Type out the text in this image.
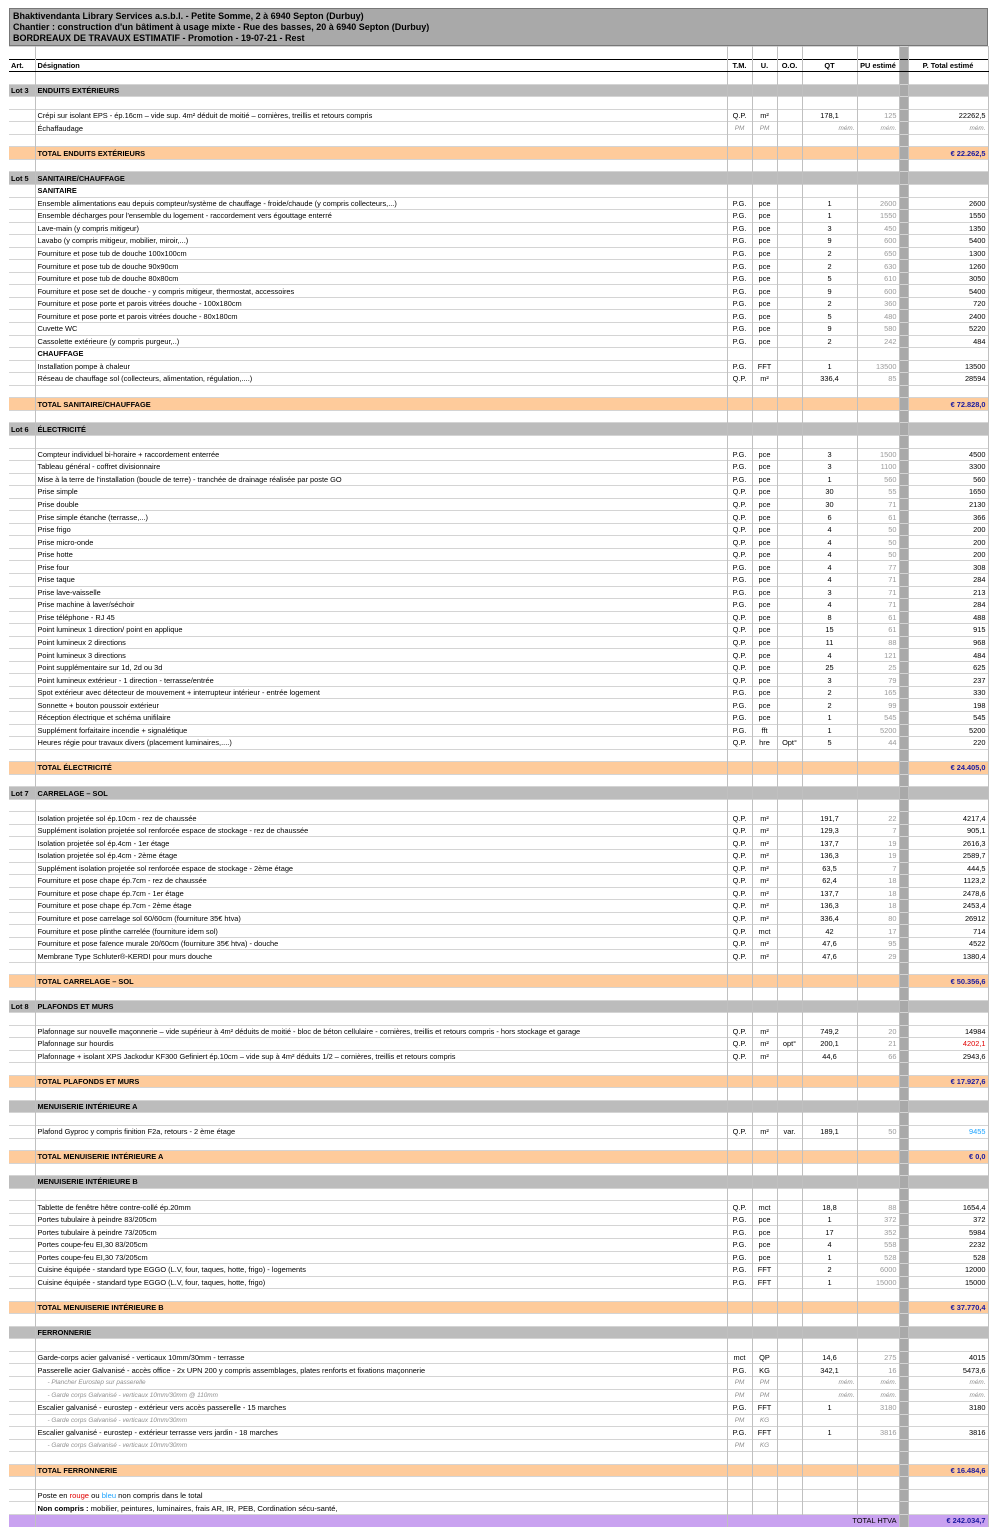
Bhaktivendanta Library Services a.s.b.l. - Petite Somme, 2 à 6940 Septon (Durbuy)
Chantier : construction d'un bâtiment à usage mixte - Rue des basses, 20 à 6940 Septon (Durbuy)
BORDREAUX DE TRAVAUX ESTIMATIF - Promotion - 19-07-21 - Rest

Art.	Désignation	T.M.	U.	O.O.	QT	PU estimé		P. Total estimé

Lot 3	ENDUITS EXTÉRIEURS							

	Crépi sur isolant EPS - ép.16cm – vide sup. 4m² déduit de moitié – cornières, treillis et retours compris	Q.P.	m²		178,1	125		22262,5
	Échaffaudage	PM	PM		mém.	mém.		mém.

	TOTAL ENDUITS EXTÉRIEURS							€ 22.262,5

Lot 5	SANITAIRE/CHAUFFAGE							
	SANITAIRE							
	Ensemble alimentations eau depuis compteur/système de chauffage - froide/chaude (y compris collecteurs,...)	P.G.	pce		1	2600		2600
	Ensemble décharges pour l'ensemble du logement - raccordement vers égouttage enterré	P.G.	pce		1	1550		1550
	Lave-main (y compris mitigeur)	P.G.	pce		3	450		1350
	Lavabo (y compris mitigeur, mobilier, miroir,...)	P.G.	pce		9	600		5400
	Fourniture et pose tub de douche 100x100cm	P.G.	pce		2	650		1300
	Fourniture et pose tub de douche 90x90cm	P.G.	pce		2	630		1260
	Fourniture et pose tub de douche 80x80cm	P.G.	pce		5	610		3050
	Fourniture et pose set de douche - y compris mitigeur, thermostat, accessoires	P.G.	pce		9	600		5400
	Fourniture et pose porte et parois vitrées douche - 100x180cm	P.G.	pce		2	360		720
	Fourniture et pose porte et parois vitrées douche - 80x180cm	P.G.	pce		5	480		2400
	Cuvette WC	P.G.	pce		9	580		5220
	Cassolette extérieure (y compris purgeur,..)	P.G.	pce		2	242		484
	CHAUFFAGE							
	Installation pompe à chaleur	P.G.	FFT		1	13500		13500
	Réseau de chauffage sol (collecteurs, alimentation, régulation,....)	Q.P.	m²		336,4	85		28594

	TOTAL SANITAIRE/CHAUFFAGE							€ 72.828,0

Lot 6	ÉLECTRICITÉ							

	Compteur individuel bi-horaire + raccordement enterrée	P.G.	pce		3	1500		4500
	Tableau général - coffret divisionnaire	P.G.	pce		3	1100		3300
	Mise à la terre de l'installation (boucle de terre) - tranchée de drainage réalisée par poste GO	P.G.	pce		1	560		560
	Prise simple	Q.P.	pce		30	55		1650
	Prise double	Q.P.	pce		30	71		2130
	Prise simple étanche (terrasse,...)	Q.P.	pce		6	61		366
	Prise frigo	Q.P.	pce		4	50		200
	Prise micro-onde	Q.P.	pce		4	50		200
	Prise hotte	Q.P.	pce		4	50		200
	Prise four	P.G.	pce		4	77		308
	Prise taque	P.G.	pce		4	71		284
	Prise lave-vaisselle	P.G.	pce		3	71		213
	Prise machine à laver/séchoir	P.G.	pce		4	71		284
	Prise téléphone - RJ 45	Q.P.	pce		8	61		488
	Point lumineux 1 direction/ point en applique	Q.P.	pce		15	61		915
	Point lumineux 2 directions	Q.P.	pce		11	88		968
	Point lumineux 3 directions	Q.P.	pce		4	121		484
	Point supplémentaire sur 1d, 2d ou 3d	Q.P.	pce		25	25		625
	Point lumineux extérieur - 1 direction - terrasse/entrée	Q.P.	pce		3	79		237
	Spot extérieur avec détecteur de mouvement + interrupteur intérieur - entrée logement	P.G.	pce		2	165		330
	Sonnette + bouton poussoir extérieur	P.G.	pce		2	99		198
	Réception électrique et schéma unifilaire	P.G.	pce		1	545		545
	Supplément forfaitaire incendie + signalétique	P.G.	fft		1	5200		5200
	Heures régie pour travaux divers (placement luminaires,....)	Q.P.	hre	Opt°	5	44		220

	TOTAL ÉLECTRICITÉ							€ 24.405,0

Lot 7	CARRELAGE – SOL							

	Isolation projetée sol ép.10cm - rez de chaussée	Q.P.	m²		191,7	22		4217,4
	Supplément isolation projetée sol renforcée espace de stockage - rez de chaussée	Q.P.	m²		129,3	7		905,1
	Isolation projetée sol ép.4cm - 1er étage	Q.P.	m²		137,7	19		2616,3
	Isolation projetée sol ép.4cm - 2ème étage	Q.P.	m²		136,3	19		2589,7
	Supplément isolation projetée sol renforcée espace de stockage - 2ème étage	Q.P.	m²		63,5	7		444,5
	Fourniture et pose chape ép.7cm - rez de chaussée	Q.P.	m²		62,4	18		1123,2
	Fourniture et pose chape ép.7cm - 1er étage	Q.P.	m²		137,7	18		2478,6
	Fourniture et pose chape ép.7cm - 2ème étage	Q.P.	m²		136,3	18		2453,4
	Fourniture et pose carrelage sol 60/60cm (fourniture 35€ htva)	Q.P.	m²		336,4	80		26912
	Fourniture et pose plinthe carrelée (fourniture idem sol)	Q.P.	mct		42	17		714
	Fourniture et pose faïence murale 20/60cm (fourniture 35€ htva) - douche	Q.P.	m²		47,6	95		4522
	Membrane Type Schluter®-KERDI pour murs douche	Q.P.	m²		47,6	29		1380,4

	TOTAL CARRELAGE – SOL							€ 50.356,6

Lot 8	PLAFONDS ET MURS							

	Plafonnage sur nouvelle maçonnerie – vide supérieur à 4m² déduits de moitié - bloc de béton cellulaire - cornières, treillis et retours compris - hors stockage et garage	Q.P.	m²		749,2	20		14984
	Plafonnage sur hourdis	Q.P.	m²	opt°	200,1	21		4202,1
	Plafonnage + isolant XPS Jackodur KF300 Gefiniert ép.10cm – vide sup à 4m² déduits 1/2 – cornières, treillis et retours compris	Q.P.	m²		44,6	66		2943,6

	TOTAL PLAFONDS ET MURS							€ 17.927,6

	MENUISERIE INTÉRIEURE A							

	Plafond Gyproc y compris finition F2a, retours - 2 ème étage	Q.P.	m²	var.	189,1	50		9455

	TOTAL MENUISERIE INTÉRIEURE A							€ 0,0

	MENUISERIE INTÉRIEURE B							

	Tablette de fenêtre hêtre contre-collé ép.20mm	Q.P.	mct		18,8	88		1654,4
	Portes tubulaire à peindre 83/205cm	P.G.	pce		1	372		372
	Portes tubulaire à peindre 73/205cm	P.G.	pce		17	352		5984
	Portes coupe-feu EI,30 83/205cm	P.G.	pce		4	558		2232
	Portes coupe-feu EI,30 73/205cm	P.G.	pce		1	528		528
	Cuisine équipée - standard type EGGO (L.V, four, taques, hotte, frigo) - logements	P.G.	FFT		2	6000		12000
	Cuisine équipée - standard type EGGO (L.V, four, taques, hotte, frigo)	P.G.	FFT		1	15000		15000

	TOTAL MENUISERIE INTÉRIEURE B							€ 37.770,4

	FERRONNERIE							

	Garde-corps acier galvanisé - verticaux 10mm/30mm - terrasse	mct	QP		14,6	275		4015
	Passerelle acier Galvanisé - accès office - 2x UPN 200 y compris assemblages, plates renforts et fixations maçonnerie	P.G.	KG		342,1	16		5473,6
	- Plancher Eurostep sur passerelle	PM	PM		mém.	mém.		mém.
	- Garde corps Galvanisé - verticaux 10mm/30mm @ 110mm	PM	PM		mém.	mém.		mém.
	Escalier galvanisé - eurostep - extérieur vers accès passerelle - 15 marches	P.G.	FFT		1	3180		3180
	- Garde corps Galvanisé - verticaux 10mm/30mm	PM	KG					
	Escalier galvanisé - eurostep - extérieur terrasse vers jardin - 18 marches	P.G.	FFT		1	3816		3816
	- Garde corps Galvanisé - verticaux 10mm/30mm	PM	KG					

	TOTAL FERRONNERIE							€ 16.484,6

	Poste en rouge ou bleu non compris dans le total							
	Non compris : mobilier, peintures, luminaires, frais AR, IR, PEB, Cordination sécu-santé,							
		TOTAL HTVA						€ 242.034,7
